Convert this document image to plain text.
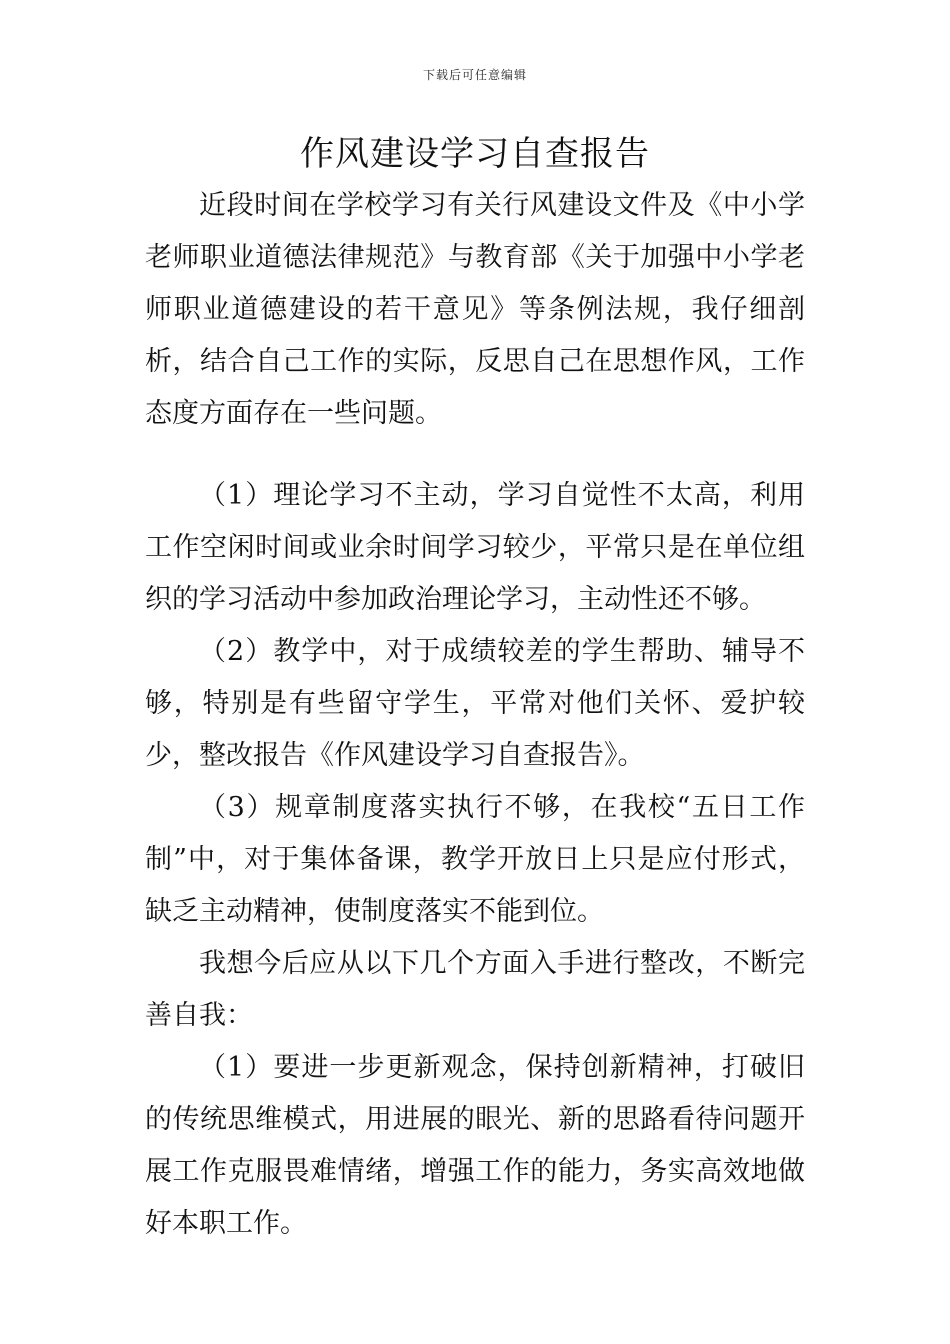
下载后可任意编辑
作风建设学习自查报告

近段时间在学校学习有关行风建设文件及《中小学老师职业道德法律规范》与教育部《关于加强中小学老师职业道德建设的若干意见》等条例法规，我仔细剖析，结合自己工作的实际，反思自己在思想作风，工作态度方面存在一些问题。

（1）理论学习不主动，学习自觉性不太高，利用工作空闲时间或业余时间学习较少，平常只是在单位组织的学习活动中参加政治理论学习，主动性还不够。

（2）教学中，对于成绩较差的学生帮助、辅导不够，特别是有些留守学生，平常对他们关怀、爱护较少，整改报告《作风建设学习自查报告》。

（3）规章制度落实执行不够，在我校“五日工作制”中，对于集体备课，教学开放日上只是应付形式，缺乏主动精神，使制度落实不能到位。

我想今后应从以下几个方面入手进行整改，不断完善自我：

（1）要进一步更新观念，保持创新精神，打破旧的传统思维模式，用进展的眼光、新的思路看待问题开展工作克服畏难情绪，增强工作的能力，务实高效地做好本职工作。
